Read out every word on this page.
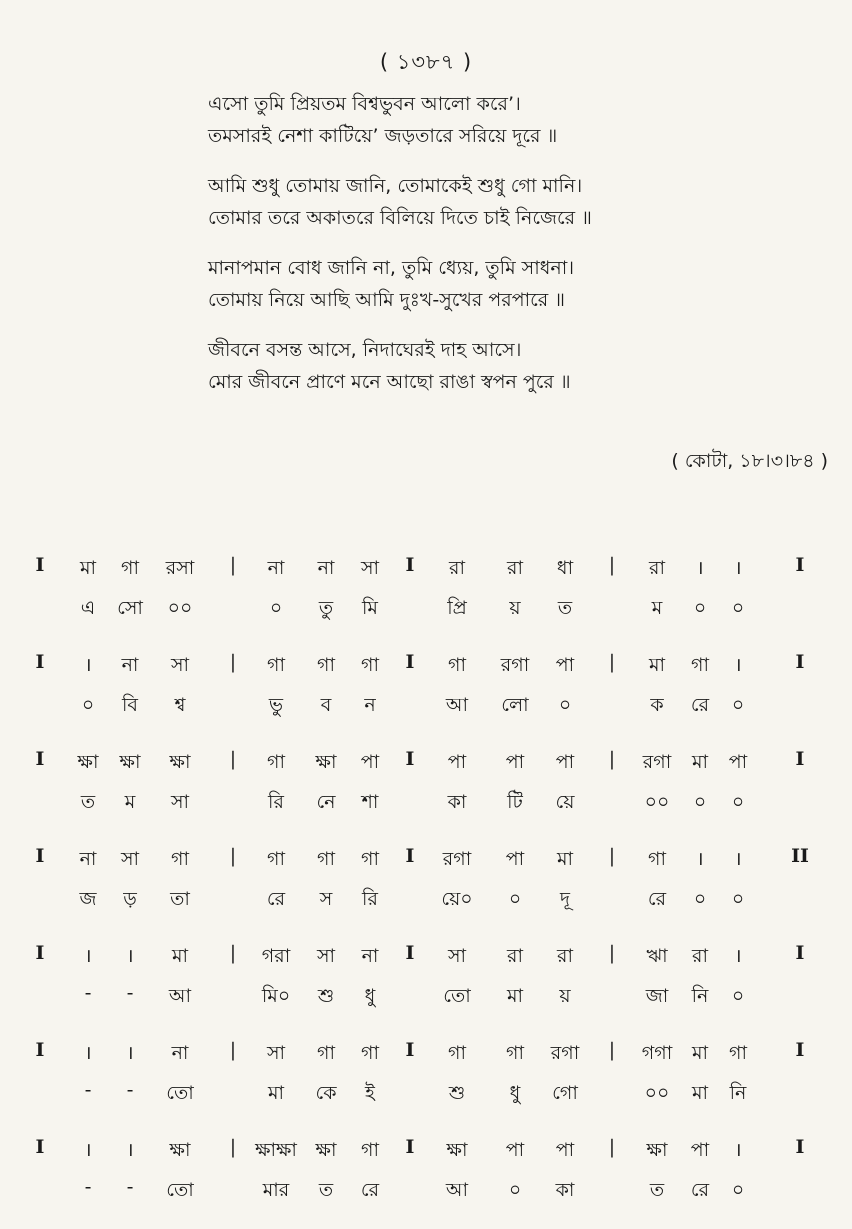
( ১৩৮৭ )
এসো তুমি প্রিয়তম বিশ্বভুবন আলো করে’।
তমসারই নেশা কাটিয়ে’ জড়তারে সরিয়ে দূরে ॥
আমি শুধু তোমায় জানি, তোমাকেই শুধু গো মানি।
তোমার তরে অকাতরে বিলিয়ে দিতে চাই নিজেরে ॥
মানাপমান বোধ জানি না, তুমি ধ্যেয়, তুমি সাধনা।
তোমায় নিয়ে আছি আমি দুঃখ-সুখের পরপারে ॥
জীবনে বসন্ত আসে, নিদাঘেরই দাহ আসে।
মোর জীবনে প্রাণে মনে আছো রাঙা স্বপন পুরে ॥
( কোটা, ১৮।৩।৮৪ )
I মা গা রসা | না না সা I রা রা ধা | রা । ।	I
এ সো ০০	০ তু মি	প্রি য় ত	ম ০ ০
I । না সা | গা গা গা I গা রগা পা | মা গা ।	I
০ বি শ্ব	ভু ব ন	আ লো ০	ক রে ০
I ক্ষা ক্ষা ক্ষা | গা ক্ষা পা I পা পা পা | রগা মা পা	I
ত ম সা	রি নে শা	কা টি য়ে	০০ ০ ০
I না সা গা | গা গা গা I রগা পা মা | গা । ।	II
জ ড় তা	রে স রি	য়ে০ ০ দূ	রে ০ ০
I । । মা | গরা সা না I সা রা রা | ঋা রা ।	I
- - আ	মি০ শু ধু	তো মা য়	জা নি ০
I । । না | সা গা গা I গা গা রগা | গগা মা গা	I
- - তো	মা কে ই	শু ধু গো	০০ মা নি
I । । ক্ষা | ক্ষাক্ষা ক্ষা গা I ক্ষা পা পা | ক্ষা পা ।	I
- - তো	মার ত রে	আ ০ কা	ত রে ০
